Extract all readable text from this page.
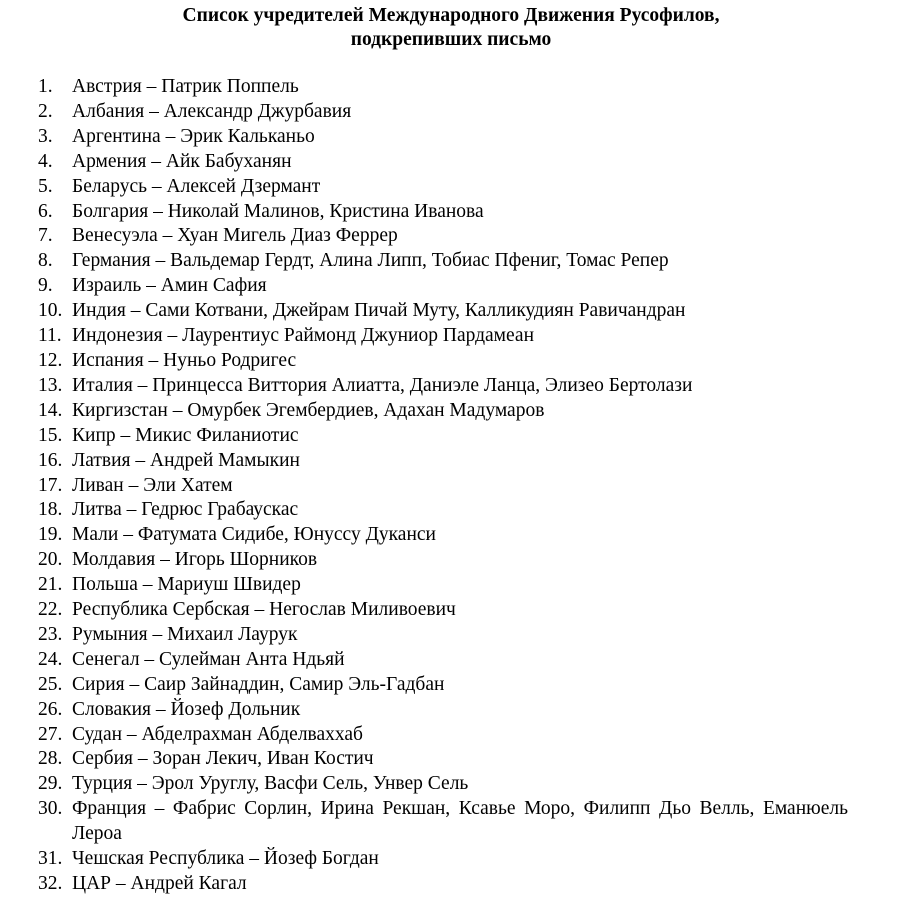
Список учредителей Международного Движения Русофилов,
подкрепивших письмо
1. Австрия – Патрик Поппель
2. Албания – Александр Джурбавия
3. Аргентина – Эрик Кальканьо
4. Армения – Айк Бабуханян
5. Беларусь – Алексей Дзермант
6. Болгария – Николай Малинов, Кристина Иванова
7. Венесуэла – Хуан Мигель Диаз Феррер
8. Германия – Вальдемар Гердт, Алина Липп, Тобиас Пфениг, Томас Репер
9. Израиль – Амин Сафия
10. Индия – Сами Котвани, Джейрам Пичай Муту, Калликудиян Равичандран
11. Индонезия – Лаурентиус Раймонд Джуниор Пардамеан
12. Испания – Нуньо Родригес
13. Италия – Принцесса Виттория Алиатта, Даниэле Ланца, Элизео Бертолази
14. Киргизстан – Омурбек Эгембердиев, Адахан Мадумаров
15. Кипр – Микис Филаниотис
16. Латвия – Андрей Мамыкин
17. Ливан – Эли Хатем
18. Литва – Гедрюс Грабаускас
19. Мали – Фатумата Сидибе, Юнуссу Дуканси
20. Молдавия – Игорь Шорников
21. Польша – Мариуш Швидер
22. Республика Сербская – Негослав Миливоевич
23. Румыния – Михаил Лаурук
24. Сенегал – Сулейман Анта Ндьяй
25. Сирия – Саир Зайнаддин, Самир Эль-Гадбан
26. Словакия – Йозеф Дольник
27. Судан – Абделрахман Абделваххаб
28. Сербия – Зоран Лекич, Иван Костич
29. Турция – Эрол Уруглу, Васфи Сель, Унвер Сель
30. Франция – Фабрис Сорлин, Ирина Рекшан, Ксавье Моро, Филипп Дьо Велль, Еманюель Лероа
31. Чешская Республика – Йозеф Богдан
32. ЦАР – Андрей Кагал
